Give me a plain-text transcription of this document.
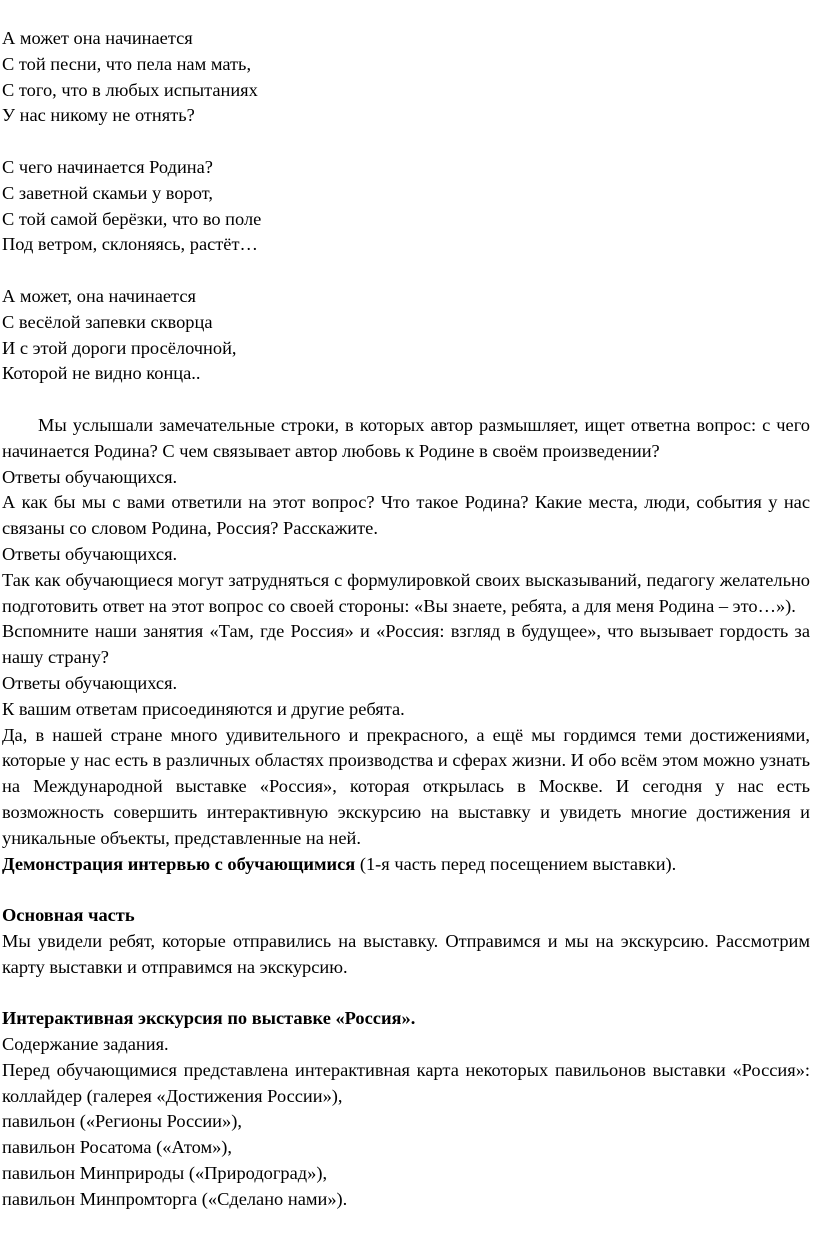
А может она начинается
С той песни, что пела нам мать,
С того, что в любых испытаниях
У нас никому не отнять?
С чего начинается Родина?
С заветной скамьи у ворот,
С той самой берёзки, что во поле
Под ветром, склоняясь, растёт…
А может, она начинается
С весёлой запевки скворца
И с этой дороги просёлочной,
Которой не видно конца..

Мы услышали замечательные строки, в которых автор размышляет, ищет ответна вопрос: с чего начинается Родина? С чем связывает автор любовь к Родине в своём произведении?

Ответы обучающихся.

А как бы мы с вами ответили на этот вопрос? Что такое Родина? Какие места, люди, события у нас связаны со словом Родина, Россия? Расскажите.

Ответы обучающихся.

Так как обучающиеся могут затрудняться с формулировкой своих высказываний, педагогу желательно подготовить ответ на этот вопрос со своей стороны: «Вы знаете, ребята, а для меня Родина – это…»).

Вспомните наши занятия «Там, где Россия» и «Россия: взгляд в будущее», что вызывает гордость за нашу страну?

Ответы обучающихся.

К вашим ответам присоединяются и другие ребята.

Да, в нашей стране много удивительного и прекрасного, а ещё мы гордимся теми достижениями, которые у нас есть в различных областях производства и сферах жизни. И обо всём этом можно узнать на Международной выставке «Россия», которая открылась в Москве. И сегодня у нас есть возможность совершить интерактивную экскурсию на выставку и увидеть многие достижения и уникальные объекты, представленные на ней.

Демонстрация интервью с обучающимися (1-я часть перед посещением выставки).

Основная часть

Мы увидели ребят, которые отправились на выставку. Отправимся и мы на экскурсию. Рассмотрим карту выставки и отправимся на экскурсию.

Интерактивная экскурсия по выставке «Россия».

Содержание задания.

Перед обучающимися представлена интерактивная карта некоторых павильонов выставки «Россия»: коллайдер (галерея «Достижения России»),

павильон («Регионы России»),
павильон Росатома («Атом»),
павильон Минприроды («Природоград»),
павильон Минпромторга («Сделано нами»).
